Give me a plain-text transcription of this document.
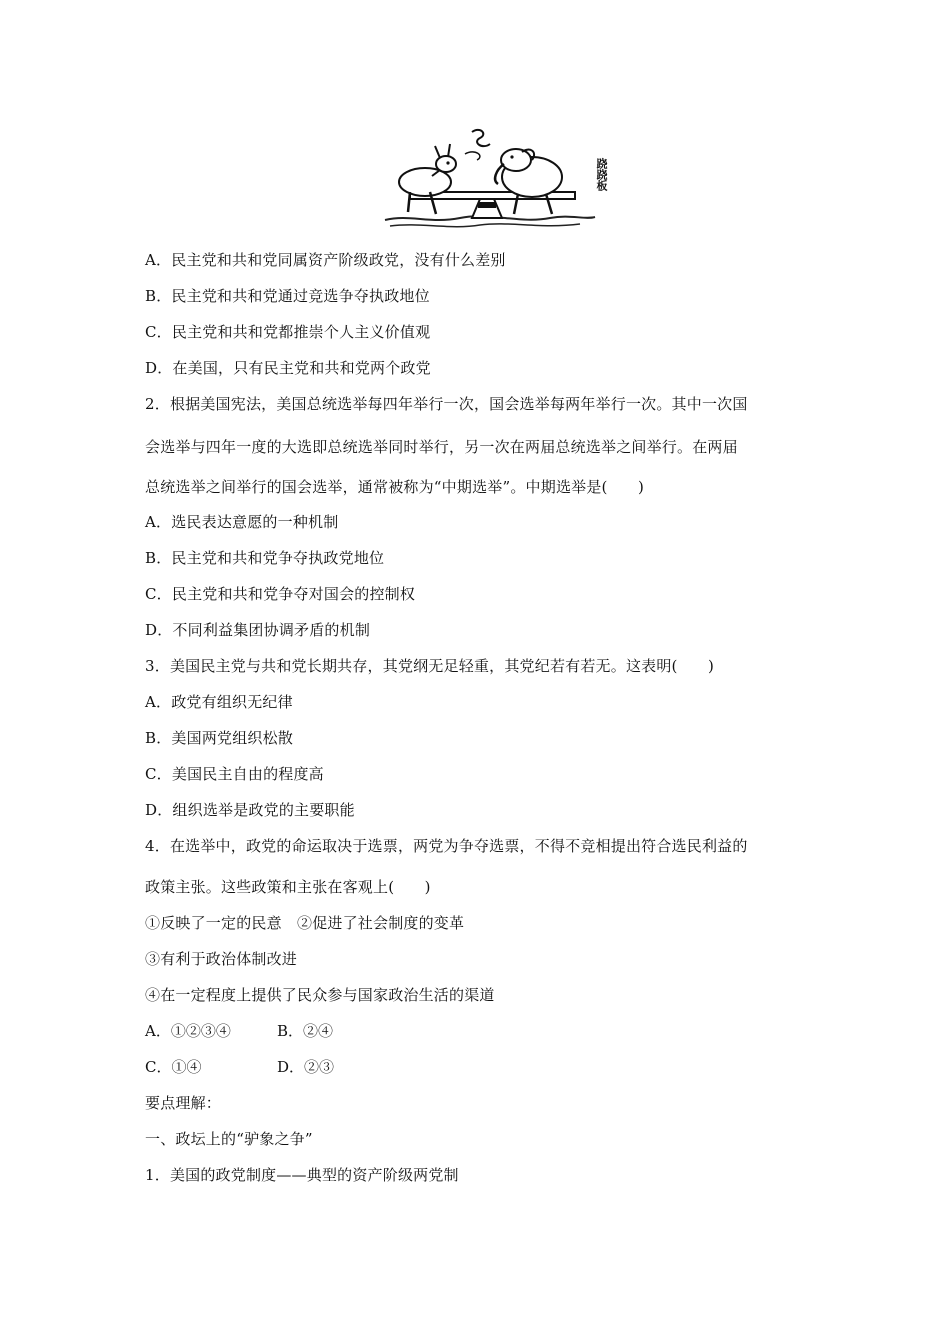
跷跷板
A．民主党和共和党同属资产阶级政党，没有什么差别
B．民主党和共和党通过竞选争夺执政地位
C．民主党和共和党都推崇个人主义价值观
D．在美国，只有民主党和共和党两个政党
2．根据美国宪法，美国总统选举每四年举行一次，国会选举每两年举行一次。其中一次国
会选举与四年一度的大选即总统选举同时举行，另一次在两届总统选举之间举行。在两届
总统选举之间举行的国会选举，通常被称为“中期选举”。中期选举是(　　)
A．选民表达意愿的一种机制
B．民主党和共和党争夺执政党地位
C．民主党和共和党争夺对国会的控制权
D．不同利益集团协调矛盾的机制
3．美国民主党与共和党长期共存，其党纲无足轻重，其党纪若有若无。这表明(　　)
A．政党有组织无纪律
B．美国两党组织松散
C．美国民主自由的程度高
D．组织选举是政党的主要职能
4．在选举中，政党的命运取决于选票，两党为争夺选票，不得不竞相提出符合选民利益的
政策主张。这些政策和主张在客观上(　　)
①反映了一定的民意　②促进了社会制度的变革
③有利于政治体制改进
④在一定程度上提供了民众参与国家政治生活的渠道
A．①②③④	B．②④
C．①④	D．②③
要点理解：
一、政坛上的“驴象之争”
1．美国的政党制度——典型的资产阶级两党制
